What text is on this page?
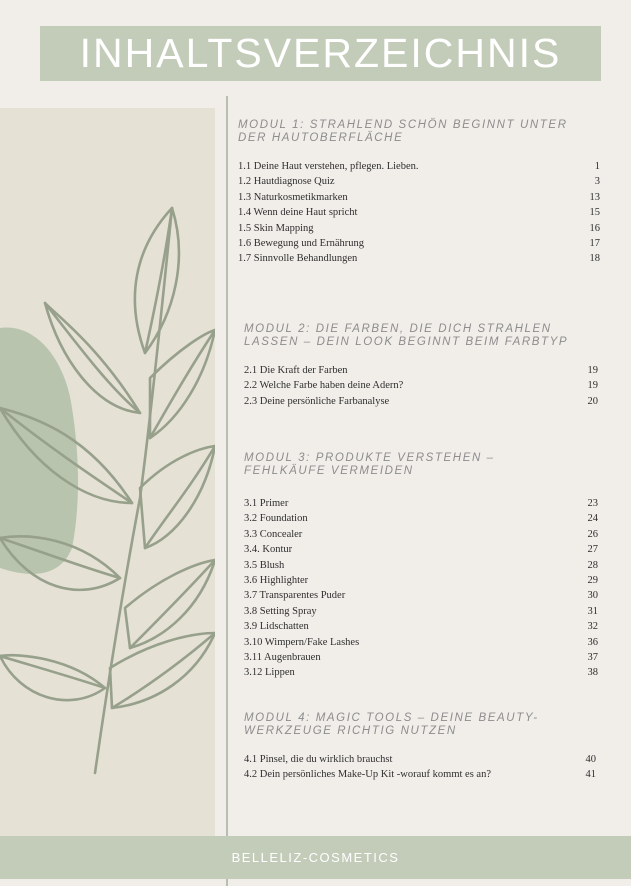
INHALTSVERZEICHNIS
MODUL 1: STRAHLEND SCHÖN BEGINNT UNTER
DER HAUTOBERFLÄCHE
1.1 Deine Haut verstehen, pflegen. Lieben.	1
1.2 Hautdiagnose Quiz	3
1.3 Naturkosmetikmarken	13
1.4 Wenn deine Haut spricht	15
1.5 Skin Mapping	16
1.6 Bewegung und Ernährung	17
1.7 Sinnvolle Behandlungen	18
MODUL 2: DIE FARBEN, DIE DICH STRAHLEN
LASSEN – DEIN LOOK BEGINNT BEIM FARBTYP
2.1 Die Kraft der Farben	19
2.2 Welche Farbe haben deine Adern?	19
2.3 Deine persönliche Farbanalyse	20
MODUL 3: PRODUKTE VERSTEHEN –
FEHLKÄUFE VERMEIDEN
3.1 Primer	23
3.2 Foundation	24
3.3 Concealer	26
3.4. Kontur	27
3.5 Blush	28
3.6 Highlighter	29
3.7 Transparentes Puder	30
3.8 Setting Spray	31
3.9 Lidschatten	32
3.10 Wimpern/Fake Lashes	36
3.11 Augenbrauen	37
3.12 Lippen	38
MODUL 4: MAGIC TOOLS – DEINE BEAUTY-
WERKZEUGE RICHTIG NUTZEN
4.1 Pinsel, die du wirklich brauchst	40
4.2 Dein persönliches Make-Up Kit -worauf kommt es an?	41
BELLELIZ-COSMETICS
